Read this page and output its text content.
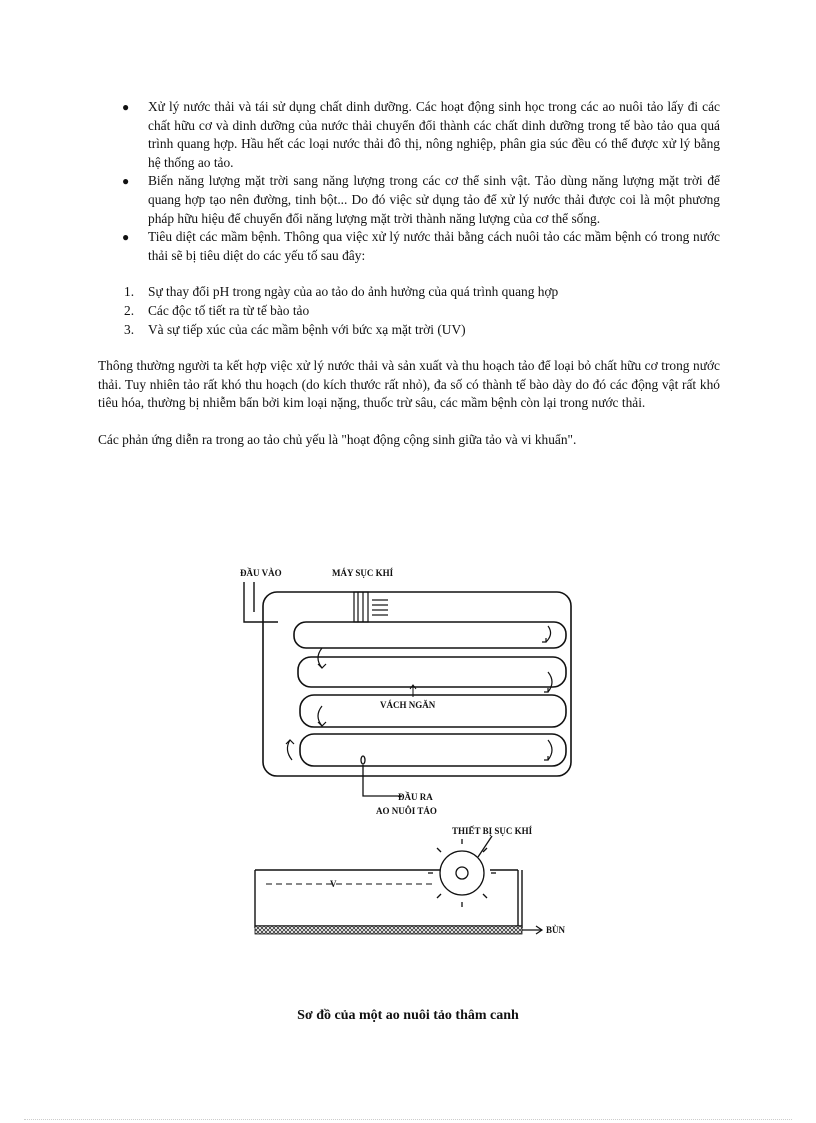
● Xử lý nước thải và tái sử dụng chất dinh dưỡng. Các hoạt động sinh học trong các ao nuôi tảo lấy đi các chất hữu cơ và dinh dưỡng của nước thải chuyển đổi thành các chất dinh dưỡng trong tế bào tảo qua quá trình quang hợp. Hầu hết các loại nước thải đô thị, nông nghiệp, phân gia súc đều có thể được xử lý bằng hệ thống ao tảo.
● Biến năng lượng mặt trời sang năng lượng trong các cơ thể sinh vật. Tảo dùng năng lượng mặt trời để quang hợp tạo nên đường, tinh bột... Do đó việc sử dụng tảo để xử lý nước thải được coi là một phương pháp hữu hiệu để chuyển đổi năng lượng mặt trời thành năng lượng của cơ thể sống.
● Tiêu diệt các mầm bệnh. Thông qua việc xử lý nước thải bằng cách nuôi tảo các mầm bệnh có trong nước thải sẽ bị tiêu diệt do các yếu tố sau đây:
1. Sự thay đổi pH trong ngày của ao tảo do ảnh hưởng của quá trình quang hợp
2. Các độc tố tiết ra từ tế bào tảo
3. Và sự tiếp xúc của các mầm bệnh với bức xạ mặt trời (UV)

Thông thường người ta kết hợp việc xử lý nước thải và sản xuất và thu hoạch tảo để loại bỏ chất hữu cơ trong nước thải. Tuy nhiên tảo rất khó thu hoạch (do kích thước rất nhỏ), đa số có thành tế bào dày do đó các động vật rất khó tiêu hóa, thường bị nhiễm bẩn bởi kim loại nặng, thuốc trừ sâu, các mầm bệnh còn lại trong nước thải.

Các phản ứng diễn ra trong ao tảo chủ yếu là "hoạt động cộng sinh giữa tảo và vi khuẩn".

ĐẦU VÀO	MÁY SỤC KHÍ
VÁCH NGĂN
ĐẦU RA
AO NUÔI TẢO
V
THIẾT BỊ SỤC KHÍ
BÙN
Sơ đồ của một ao nuôi tảo thâm canh
